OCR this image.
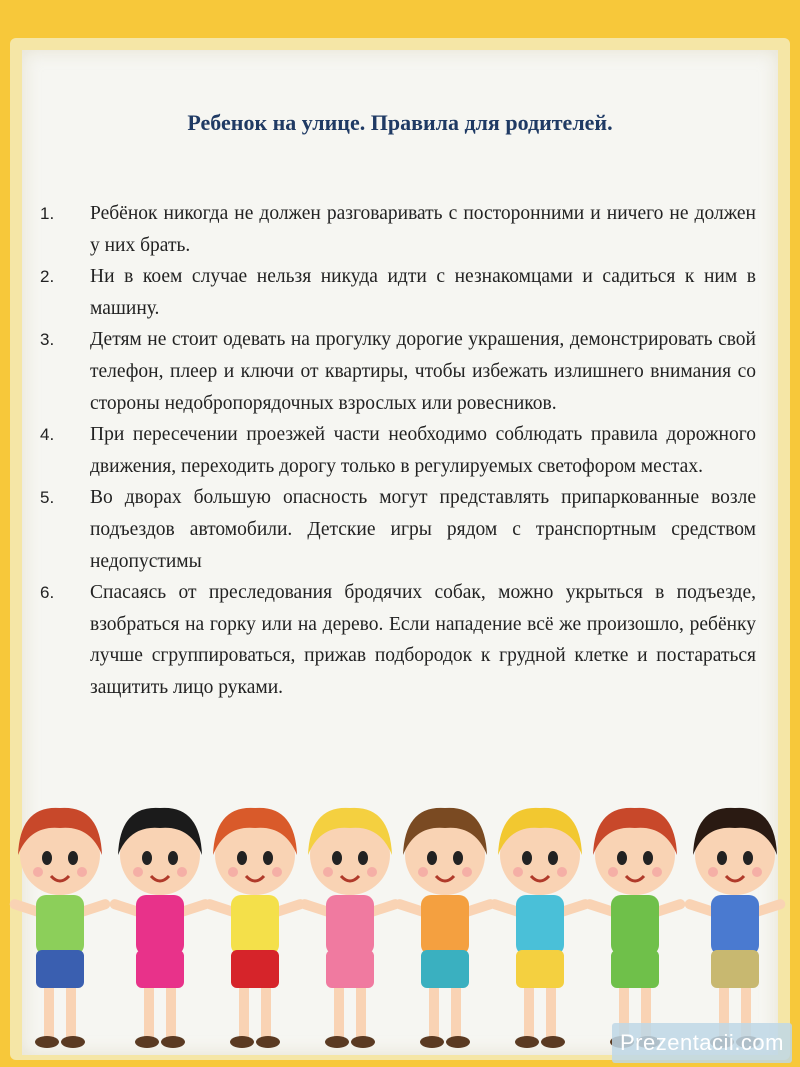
Ребенок на улице. Правила для родителей.
1. Ребёнок никогда не должен разговаривать с посторонними и ничего не должен у них брать.
2. Ни в коем случае нельзя никуда идти с незнакомцами и садиться к ним в машину.
3. Детям не стоит одевать на прогулку дорогие украшения, демонстрировать свой телефон, плеер и ключи от квартиры, чтобы избежать излишнего внимания со стороны недобропорядочных взрослых или ровесников.
4. При пересечении проезжей части необходимо соблюдать правила дорожного движения, переходить дорогу только в регулируемых светофором местах.
5. Во дворах большую опасность могут представлять припаркованные возле подъездов автомобили. Детские игры рядом с транспортным средством недопустимы
6. Спасаясь от преследования бродячих собак, можно укрыться в подъезде, взобраться на горку или на дерево. Если нападение всё же произошло, ребёнку лучше сгруппироваться, прижав подбородок к грудной клетке и постараться защитить лицо руками.
Prezentacii.com
